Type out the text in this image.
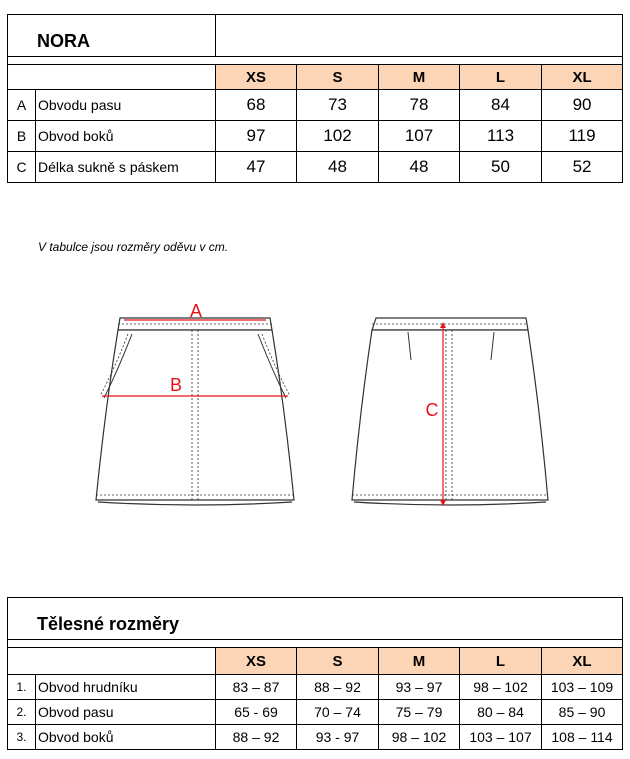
NORA						

		XS	S	M	L	XL
A	Obvodu pasu	68	73	78	84	90
B	Obvod boků	97	102	107	113	119
C	Délka sukně s páskem	47	48	48	50	52
V tabulce jsou rozměry oděvu v cm.
A
B
C
Tělesné rozměry						

		XS	S	M	L	XL
1.	Obvod hrudníku	83 – 87	88 – 92	93 – 97	98 – 102	103 – 109
2.	Obvod pasu	65 - 69	70 – 74	75 – 79	80 – 84	85 – 90
3.	Obvod boků	88 – 92	93 - 97	98 – 102	103 – 107	108 – 114
